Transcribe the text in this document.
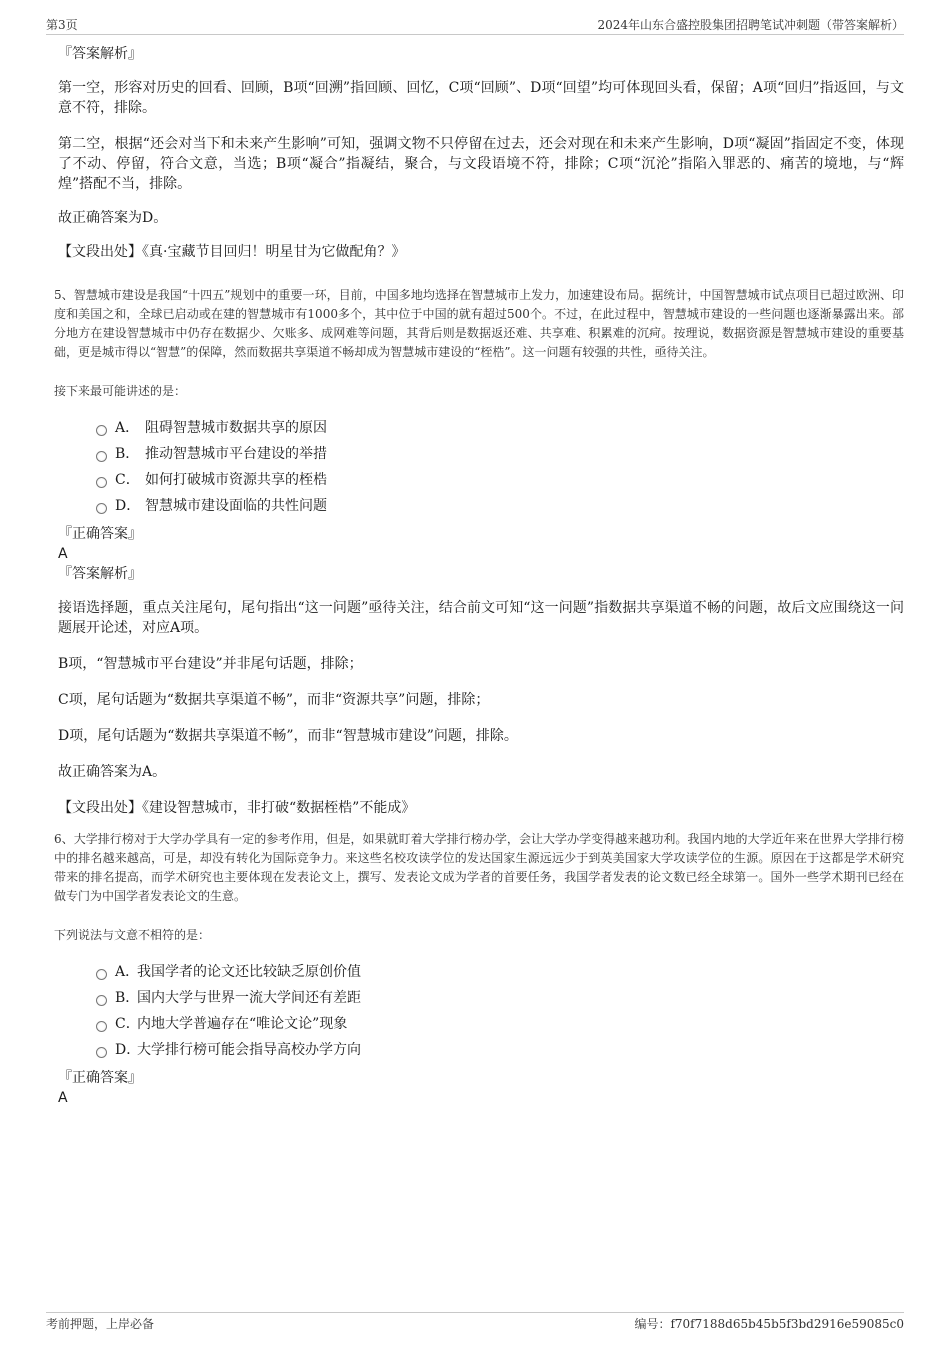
第3页	2024年山东合盛控股集团招聘笔试冲刺题（带答案解析）
『答案解析』

第一空，形容对历史的回看、回顾，B项“回溯”指回顾、回忆，C项“回顾”、D项“回望”均可体现回头看，保留；A项“回归”指返回，与文意不符，排除。

第二空，根据“还会对当下和未来产生影响”可知，强调文物不只停留在过去，还会对现在和未来产生影响，D项“凝固”指固定不变，体现了不动、停留，符合文意，当选；B项“凝合”指凝结，聚合，与文段语境不符，排除；C项“沉沦”指陷入罪恶的、痛苦的境地，与“辉煌”搭配不当，排除。

故正确答案为D。

【文段出处】《真·宝藏节目回归！明星甘为它做配角？》

5、智慧城市建设是我国“十四五”规划中的重要一环，目前，中国多地均选择在智慧城市上发力，加速建设布局。据统计，中国智慧城市试点项目已超过欧洲、印度和美国之和，全球已启动或在建的智慧城市有1000多个，其中位于中国的就有超过500个。不过，在此过程中，智慧城市建设的一些问题也逐渐暴露出来。部分地方在建设智慧城市中仍存在数据少、欠账多、成网难等问题，其背后则是数据返还难、共享难、积累难的沉疴。按理说，数据资源是智慧城市建设的重要基础，更是城市得以“智慧”的保障，然而数据共享渠道不畅却成为智慧城市建设的“桎梏”。这一问题有较强的共性，亟待关注。

接下来最可能讲述的是：

A． 阻碍智慧城市数据共享的原因
B． 推动智慧城市平台建设的举措
C． 如何打破城市资源共享的桎梏
D． 智慧城市建设面临的共性问题
『正确答案』
A
『答案解析』

接语选择题，重点关注尾句，尾句指出“这一问题”亟待关注，结合前文可知“这一问题”指数据共享渠道不畅的问题，故后文应围绕这一问题展开论述，对应A项。

B项，“智慧城市平台建设”并非尾句话题，排除；

C项，尾句话题为“数据共享渠道不畅”，而非“资源共享”问题，排除；

D项，尾句话题为“数据共享渠道不畅”，而非“智慧城市建设”问题，排除。

故正确答案为A。

【文段出处】《建设智慧城市，非打破“数据桎梏”不能成》

6、大学排行榜对于大学办学具有一定的参考作用，但是，如果就盯着大学排行榜办学，会让大学办学变得越来越功利。我国内地的大学近年来在世界大学排行榜中的排名越来越高，可是，却没有转化为国际竞争力。来这些名校攻读学位的发达国家生源远远少于到英美国家大学攻读学位的生源。原因在于这都是学术研究带来的排名提高，而学术研究也主要体现在发表论文上，撰写、发表论文成为学者的首要任务，我国学者发表的论文数已经全球第一。国外一些学术期刊已经在做专门为中国学者发表论文的生意。

下列说法与文意不相符的是：

A．
我国学者的论文还比较缺乏原创价值
B．
国内大学与世界一流大学间还有差距
C．
内地大学普遍存在“唯论文论”现象
D．
大学排行榜可能会指导高校办学方向
『正确答案』
A
考前押题，上岸必备	编号：f70f7188d65b45b5f3bd2916e59085c0
